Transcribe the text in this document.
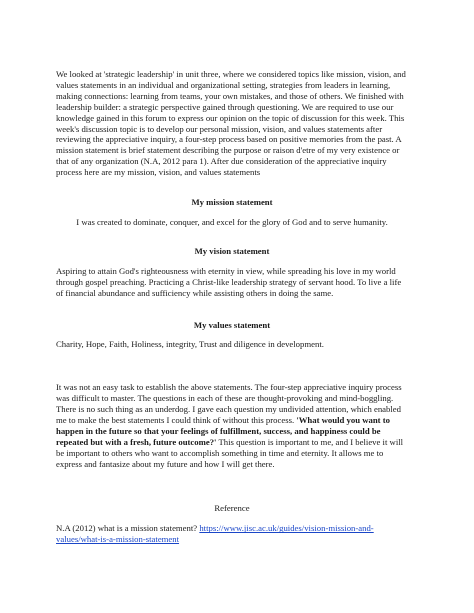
We looked at 'strategic leadership' in unit three, where we considered topics like mission, vision, and values statements in an individual and organizational setting, strategies from leaders in learning, making connections: learning from teams, your own mistakes, and those of others. We finished with leadership builder: a strategic perspective gained through questioning. We are required to use our knowledge gained in this forum to express our opinion on the topic of discussion for this week. This week's discussion topic is to develop our personal mission, vision, and values statements after reviewing the appreciative inquiry, a four-step process based on positive memories from the past. A mission statement is brief statement describing the purpose or raison d'etre of my very existence or that of any organization (N.A, 2012 para 1). After due consideration of the appreciative inquiry process here are my mission, vision, and values statements

My mission statement

I was created to dominate, conquer, and excel for the glory of God and to serve humanity.

My vision statement

Aspiring to attain God's righteousness with eternity in view, while spreading his love in my world through gospel preaching. Practicing a Christ-like leadership strategy of servant hood. To live a life of financial abundance and sufficiency while assisting others in doing the same.

My values statement

Charity, Hope, Faith, Holiness, integrity, Trust and diligence in development.

It was not an easy task to establish the above statements. The four-step appreciative inquiry process was difficult to master. The questions in each of these are thought-provoking and mind-boggling. There is no such thing as an underdog. I gave each question my undivided attention, which enabled me to make the best statements I could think of without this process. 'What would you want to happen in the future so that your feelings of fulfillment, success, and happiness could be repeated but with a fresh, future outcome?' This question is important to me, and I believe it will be important to others who want to accomplish something in time and eternity. It allows me to express and fantasize about my future and how I will get there.

Reference

N.A (2012) what is a mission statement? https://www.jisc.ac.uk/guides/vision-mission-and-values/what-is-a-mission-statement
